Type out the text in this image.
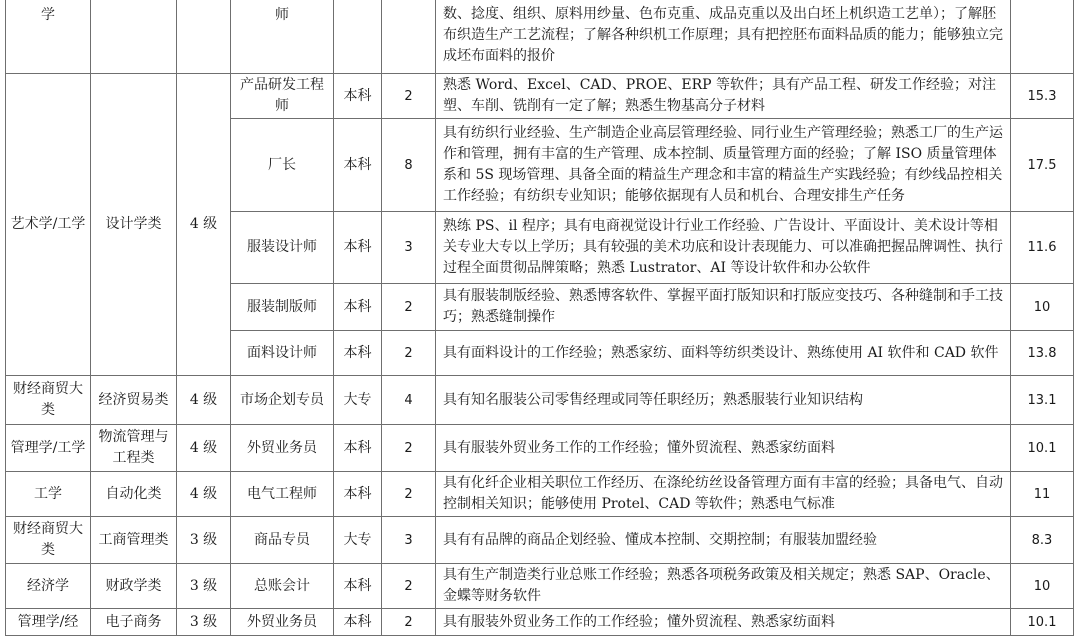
学			师			数、捻度、组织、原料用纱量、色布克重、成品克重以及出白坯上机织造工艺单）；了解胚布织造生产工艺流程；了解各种织机工作原理；具有把控胚布面料品质的能力；能够独立完成坯布面料的报价	
艺术学/工学	设计学类	4 级	产品研发工程师	本科	2	熟悉 Word、Excel、CAD、PROE、ERP 等软件；具有产品工程、研发工作经验；对注塑、车削、铣削有一定了解；熟悉生物基高分子材料	15.3
			厂长	本科	8	具有纺织行业经验、生产制造企业高层管理经验、同行业生产管理经验；熟悉工厂的生产运作和管理，拥有丰富的生产管理、成本控制、质量管理方面的经验；了解 ISO 质量管理体系和 5S 现场管理、具备全面的精益生产理念和丰富的精益生产实践经验；有纱线品控相关工作经验；有纺织专业知识；能够依据现有人员和机台、合理安排生产任务	17.5
			服装设计师	本科	3	熟练 PS、il 程序；具有电商视觉设计行业工作经验、广告设计、平面设计、美术设计等相关专业大专以上学历；具有较强的美术功底和设计表现能力、可以准确把握品牌调性、执行过程全面贯彻品牌策略；熟悉 Lustrator、AI 等设计软件和办公软件	11.6
			服装制版师	本科	2	具有服装制版经验、熟悉博客软件、掌握平面打版知识和打版应变技巧、各种缝制和手工技巧；熟悉缝制操作	10
			面料设计师	本科	2	具有面料设计的工作经验；熟悉家纺、面料等纺织类设计、熟练使用 AI 软件和 CAD 软件	13.8
财经商贸大类	经济贸易类	4 级	市场企划专员	大专	4	具有知名服装公司零售经理或同等任职经历；熟悉服装行业知识结构	13.1
管理学/工学	物流管理与工程类	4 级	外贸业务员	本科	2	具有服装外贸业务工作的工作经验；懂外贸流程、熟悉家纺面料	10.1
工学	自动化类	4 级	电气工程师	本科	2	具有化纤企业相关职位工作经历、在涤纶纺丝设备管理方面有丰富的经验；具备电气、自动控制相关知识；能够使用 Protel、CAD 等软件；熟悉电气标准	11
财经商贸大类	工商管理类	3 级	商品专员	大专	3	具有有品牌的商品企划经验、懂成本控制、交期控制；有服装加盟经验	8.3
经济学	财政学类	3 级	总账会计	本科	2	具有生产制造类行业总账工作经验；熟悉各项税务政策及相关规定；熟悉 SAP、Oracle、金蝶等财务软件	10
管理学/经	电子商务	3 级	外贸业务员	本科	2	具有服装外贸业务工作的工作经验；懂外贸流程、熟悉家纺面料	10.1
